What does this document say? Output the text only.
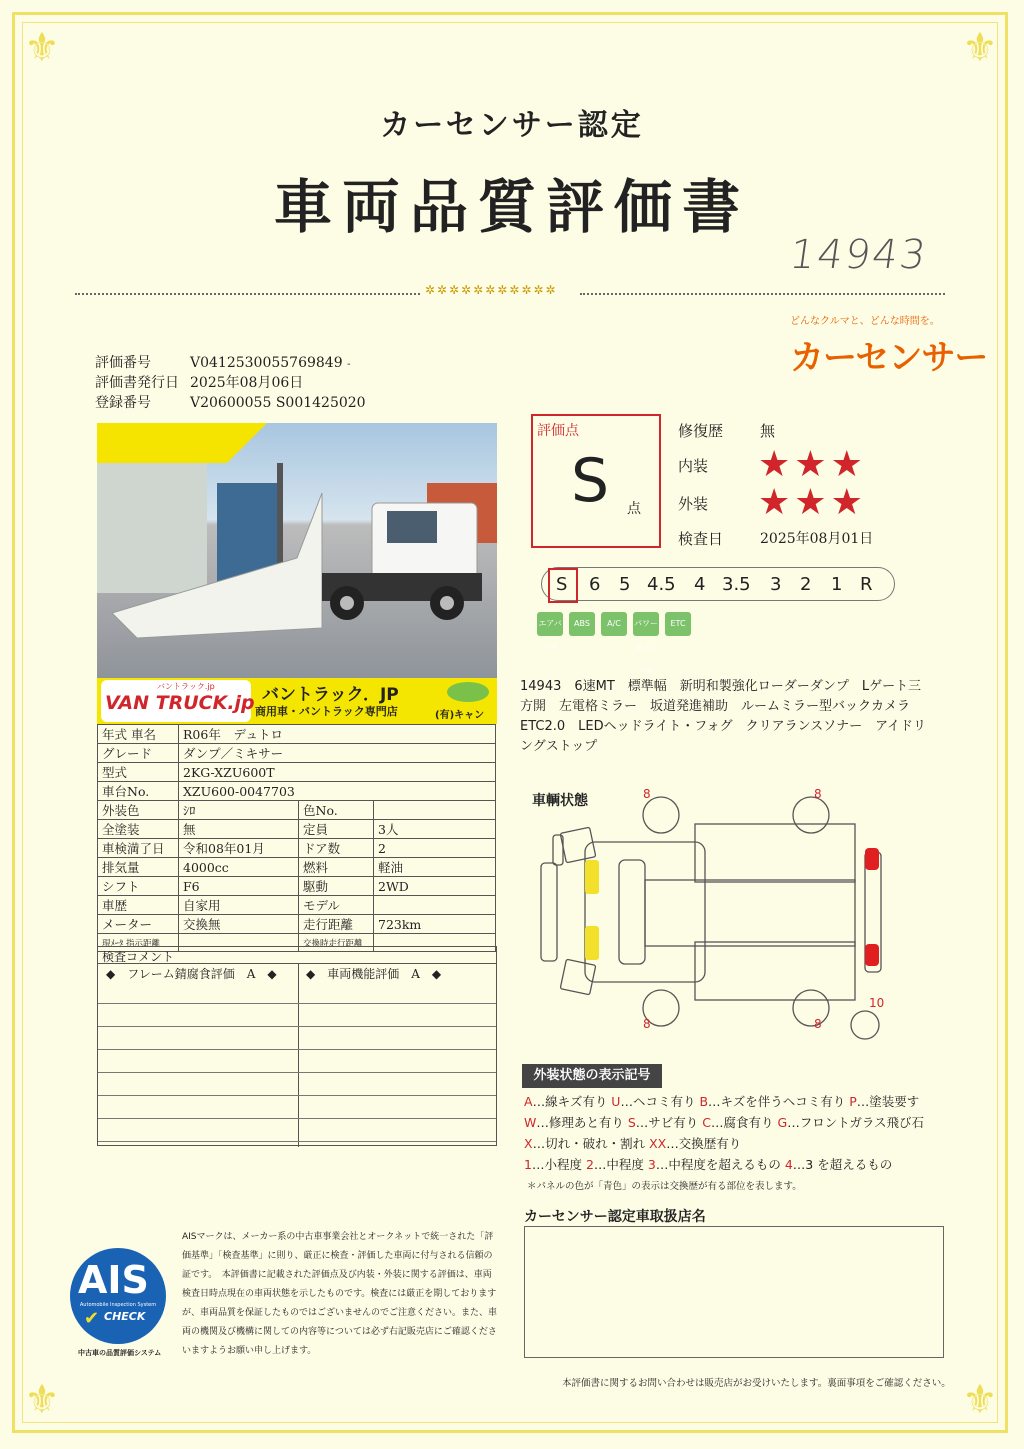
⚜	⚜
⚜	⚜
カーセンサー認定
車両品質評価書
14943
✲✲✲✲✲✲✲✲✲✲✲
どんなクルマと、どんな時間を。
カーセンサー
評価番号	V0412530055769849 -
評価書発行日 2025年08月06日
登録番号	V20600055 S001425020
バントラック.jp
VAN TRUCK.jp バントラック．JP
商用車・バントラック専門店	(有)キャン
年式 車名	R06年　デュトロ		
グレード	ダンプ／ミキサー		
型式	2KG-XZU600T		
車台No.	XZU600-0047703		
外装色	ｼﾛ	色No.	
全塗装	無	定員	3人
車検満了日	令和08年01月	ドア数	2
排気量	4000cc	燃料	軽油
シフト	F6	駆動	2WD
車歴	自家用	モデル	
メーター	交換無	走行距離	723km
現ﾒｰﾀ 指示距離		交換時走行距離	
検査コメント
◆　フレーム錆腐食評価　A　◆ ◆　車両機能評価　A　◆
評価点
S 点
修復歴 無
内装 ★ ★ ★
外装 ★ ★ ★
検査日	2025年08月01日
S 6 5 4.5 4 3.5 3 2 1 R
エアバッグ
ABS	A/C	パワーウィンドウ
ETC
14943　6速MT　標準幅　新明和製強化ローダーダンプ　Lゲート三方開　左電格ミラー　坂道発進補助　ルームミラー型バックカメラ　ETC2.0　LEDヘッドライト・フォグ　クリアランスソナー　アイドリングストップ
車輌状態	8	8
8	8
10
外装状態の表示記号
A…線キズ有り U…ヘコミ有り B…キズを伴うヘコミ有り P…塗装要す
W…修理あと有り S…サビ有り C…腐食有り G…フロントガラス飛び石
X…切れ・破れ・割れ XX…交換歴有り
1…小程度 2…中程度 3…中程度を超えるもの 4…3 を超えるもの
＊パネルの色が「青色」の表示は交換歴が有る部位を表します。
カーセンサー認定車取扱店名
AIS
Automobile Inspection System
CHECK
✔
中古車の品質評価システム
AISマークは、メーカー系の中古車事業会社とオークネットで統一された「評価基準」「検査基準」に則り、厳正に検査・評価した車両に付与される信頼の証です。　本評価書に記載された評価点及び内装・外装に関する評価は、車両検査日時点現在の車両状態を示したものです。検査には厳正を期しておりますが、車両品質を保証したものではございませんのでご注意ください。また、車両の機関及び機構に関しての内容等については必ず右記販売店にご確認くださいますようお願い申し上げます。
本評価書に関するお問い合わせは販売店がお受けいたします。裏面事項をご確認ください。
